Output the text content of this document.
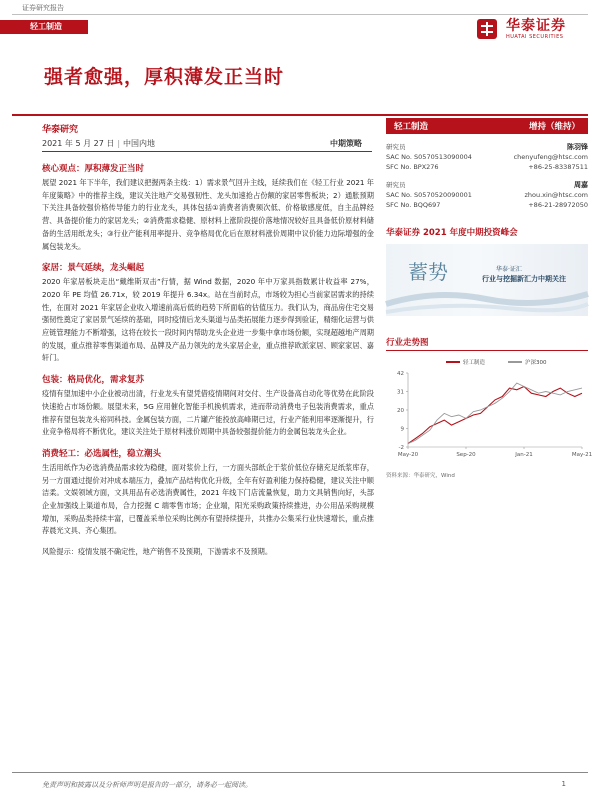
证券研究报告
轻工制造	华泰证券
HUATAI SECURITIES
强者愈强，厚积薄发正当时
华泰研究
2021 年 5 月 27 日 | 中国内地	中期策略
核心观点：厚积薄发正当时
展望 2021 年下半年，我们建议把握两条主线：1）需求景气回升主线，延续我们在《轻工行业 2021 年年度策略》中的推荐主线，建议关注地产交易强韧性、龙头加速抢占份额的家居零售板块；2）通胀预期下关注具备较强价格传导能力的行业龙头，具体包括①消费者消费频次低、价格敏感度低，自主品牌经营、具备提价能力的家居龙头；②消费需求稳健、原材料上涨阶段提价落地情况较好且具备低价原材料储备的生活用纸龙头；③行业产能利用率提升、竞争格局优化后在原材料涨价周期中议价能力边际增强的金属包装龙头。
家居：景气延续，龙头崛起
2020 年家居板块走出“戴维斯双击”行情，据 Wind 数据，2020 年中万家具指数累计收益率 27%，2020 年 PE 均值 26.71x，较 2019 年提升 6.34x。站在当前时点，市场较为担心当前家居需求的持续性，在面对 2021 年家居企业收入增速前高后低的趋势下所面临的估值压力。我们认为，商品房住宅交易强韧性奠定了家居景气延续的基础，同时疫情后龙头渠道与品类拓展能力逐步得到验证，精细化运营与供应链管理能力不断增强，这将在较长一段时间内帮助龙头企业进一步集中拿市场份额，实现超越地产周期的发展，重点推荐零售渠道布局、品牌及产品力领先的龙头家居企业，重点推荐欧派家居、顾家家居、嘉轩门。
包装：格局优化，需求复苏
疫情有望加速中小企业被动出清，行业龙头有望凭借疫情期间对交付、生产设备高自动化等优势在此阶段快速抢占市场份额。展望未来，5G 应用催化智能手机换机需求，进而带动消费电子包装消费需求，重点推荐有望包装龙头裕同科技。金属包装方面，二片罐产能投放高峰期已过，行业产能利用率逐渐提升，行业竞争格局将不断优化，建议关注处于原材料涨价周期中具备较强提价能力的金属包装龙头企业。
消费轻工：必选属性，稳立潮头
生活用纸作为必选消费品需求较为稳健，面对浆价上行，一方面头部纸企于浆价低位存储充足纸浆库存，另一方面通过提价对冲成本端压力，叠加产品结构优化升级，全年有好盈利能力保持稳健，建议关注中顺洁柔。文娱领域方面，文具用品有必选消费属性，2021 年线下门店流量恢复，助力文具销售向好，头部企业加强线上渠道布局，合力挖掘 C 端零售市场；企业端，阳光采购政策持续推进，办公用品采购规模增加，采购品类持续丰富，已覆盖采单位采购比例亦有望持续提升，共推办公集采行业快速增长，重点推荐晨光文具、齐心集团。
风险提示：疫情发展不确定性，地产销售不及预期，下游需求不及预期。
轻工制造	增持（维持）
研究员	陈羽锋
SAC No. S0570513090004	chenyufeng@htsc.com
SFC No. BPX276	+86-25-83387511
研究员	周嘉
SAC No. S0570520090001	zhou.xin@htsc.com
SFC No. BQQ697	+86-21-28972050
华泰证券 2021 年度中期投资峰会
蓄势	华泰·证汇
行业与挖掘新汇力中期关注
行业走势图
-2
9
20
31
42
May-20	Sep-20	Jan-21	May-21
轻工制造	沪深300
资料来源：华泰研究，Wind
免责声明和披露以及分析师声明是报告的一部分，请务必一起阅读。	1
